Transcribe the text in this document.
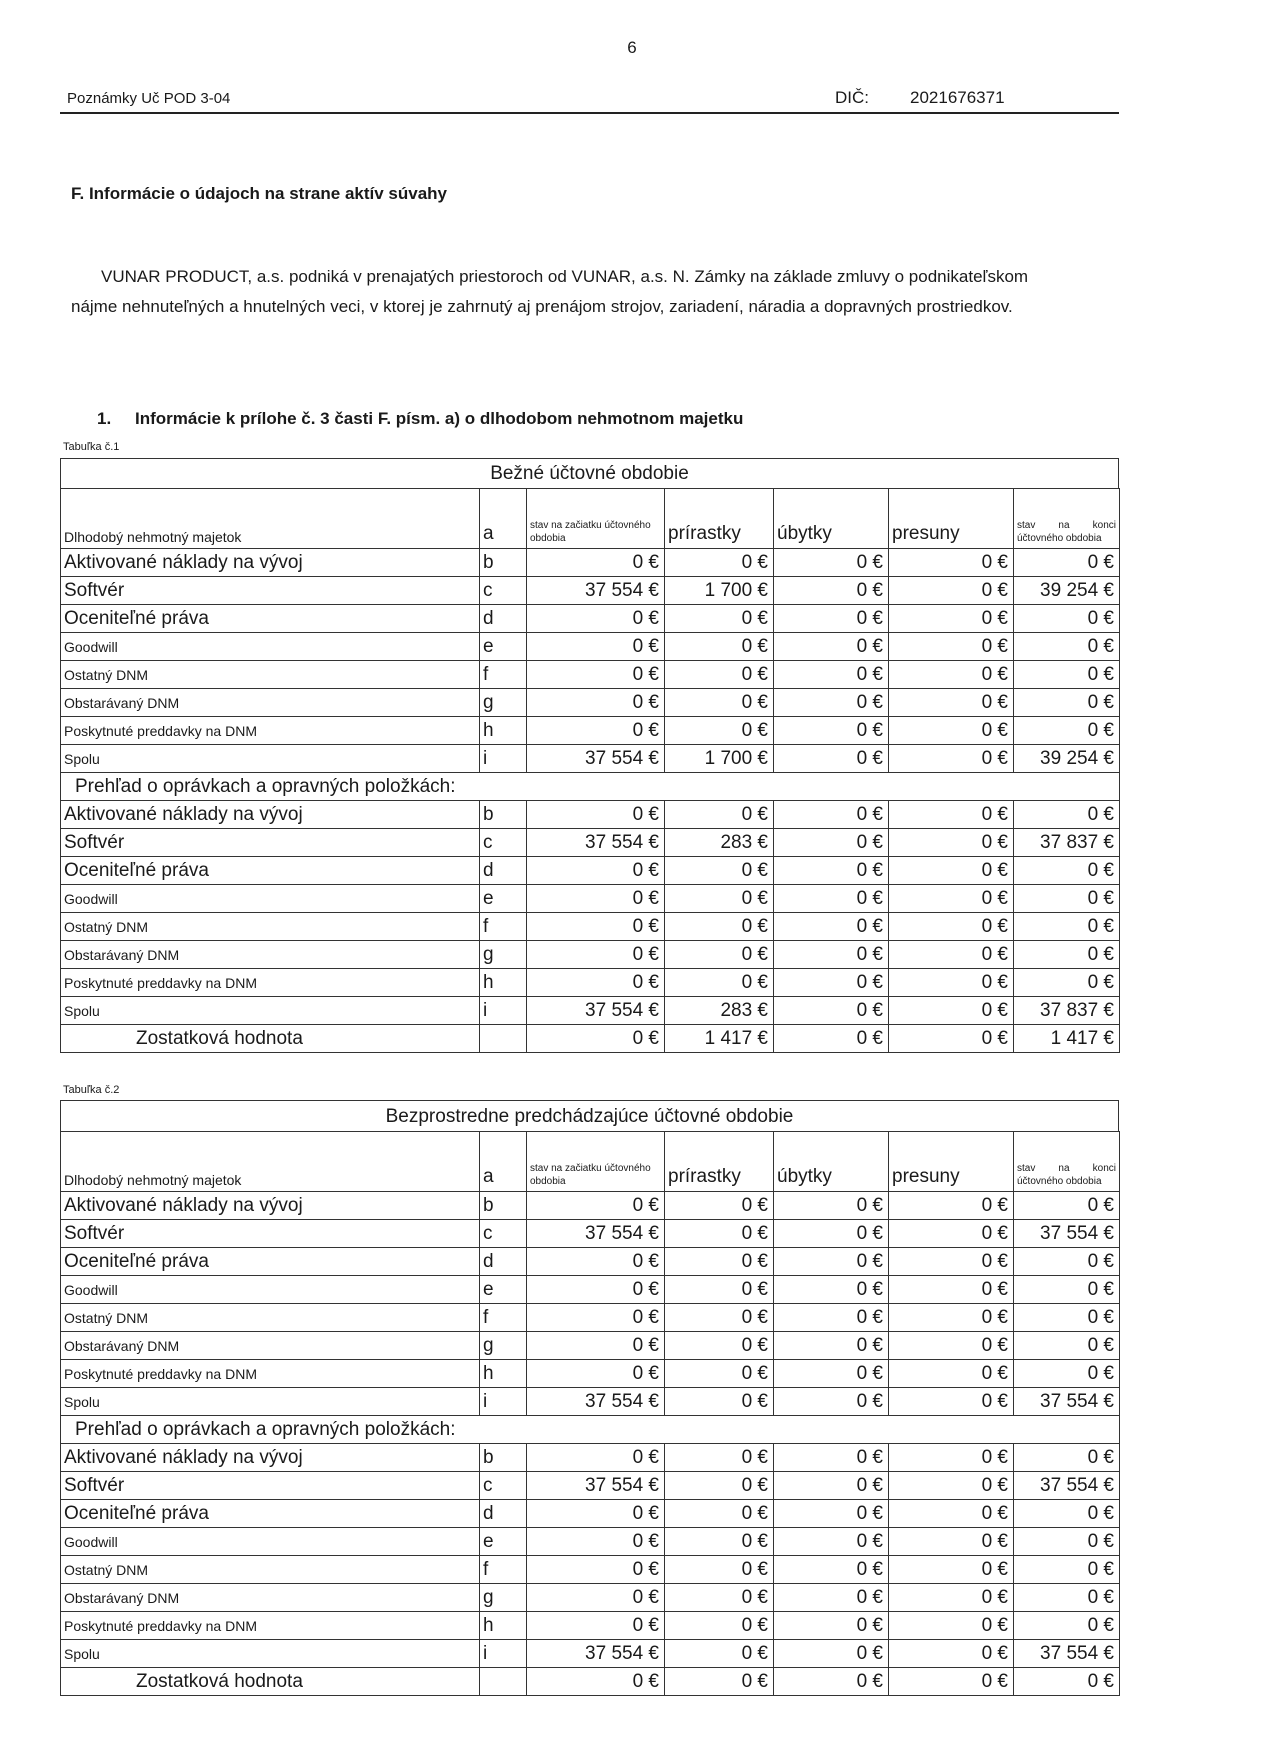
6
Poznámky Uč POD 3-04	DIČ: 2021676371
F. Informácie o údajoch na strane aktív súvahy
VUNAR PRODUCT, a.s. podniká v prenajatých priestoroch od VUNAR, a.s. N. Zámky na základe zmluvy o podnikateľskom
nájme nehnuteľných a hnutelných veci, v ktorej je zahrnutý aj prenájom strojov, zariadení, náradia a dopravných prostriedkov.
1. Informácie k prílohe č. 3 časti F. písm. a) o dlhodobom nehmotnom majetku
Tabuľka č.1
Bežné účtovné obdobie
Dlhodobý nehmotný majetok	a	stav na začiatku účtovného obdobia	prírastky	úbytky	presuny	stav na konci účtovného obdobia

Aktivované náklady na vývoj	b	0 €	0 €	0 €	0 €	0 €
Softvér	c	37 554 €	1 700 €	0 €	0 €	39 254 €
Oceniteľné práva	d	0 €	0 €	0 €	0 €	0 €
Goodwill	e	0 €	0 €	0 €	0 €	0 €
Ostatný DNM	f	0 €	0 €	0 €	0 €	0 €
Obstarávaný DNM	g	0 €	0 €	0 €	0 €	0 €
Poskytnuté preddavky na DNM	h	0 €	0 €	0 €	0 €	0 €
Spolu	i	37 554 €	1 700 €	0 €	0 €	39 254 €
Prehľad o oprávkach a opravných položkách:						
Aktivované náklady na vývoj	b	0 €	0 €	0 €	0 €	0 €
Softvér	c	37 554 €	283 €	0 €	0 €	37 837 €
Oceniteľné práva	d	0 €	0 €	0 €	0 €	0 €
Goodwill	e	0 €	0 €	0 €	0 €	0 €
Ostatný DNM	f	0 €	0 €	0 €	0 €	0 €
Obstarávaný DNM	g	0 €	0 €	0 €	0 €	0 €
Poskytnuté preddavky na DNM	h	0 €	0 €	0 €	0 €	0 €
Spolu	i	37 554 €	283 €	0 €	0 €	37 837 €
Zostatková hodnota		0 €	1 417 €	0 €	0 €	1 417 €
Tabuľka č.2
Bezprostredne predchádzajúce účtovné obdobie
Dlhodobý nehmotný majetok	a	stav na začiatku účtovného obdobia	prírastky	úbytky	presuny	stav na konci účtovného obdobia

Aktivované náklady na vývoj	b	0 €	0 €	0 €	0 €	0 €
Softvér	c	37 554 €	0 €	0 €	0 €	37 554 €
Oceniteľné práva	d	0 €	0 €	0 €	0 €	0 €
Goodwill	e	0 €	0 €	0 €	0 €	0 €
Ostatný DNM	f	0 €	0 €	0 €	0 €	0 €
Obstarávaný DNM	g	0 €	0 €	0 €	0 €	0 €
Poskytnuté preddavky na DNM	h	0 €	0 €	0 €	0 €	0 €
Spolu	i	37 554 €	0 €	0 €	0 €	37 554 €
Prehľad o oprávkach a opravných položkách:						
Aktivované náklady na vývoj	b	0 €	0 €	0 €	0 €	0 €
Softvér	c	37 554 €	0 €	0 €	0 €	37 554 €
Oceniteľné práva	d	0 €	0 €	0 €	0 €	0 €
Goodwill	e	0 €	0 €	0 €	0 €	0 €
Ostatný DNM	f	0 €	0 €	0 €	0 €	0 €
Obstarávaný DNM	g	0 €	0 €	0 €	0 €	0 €
Poskytnuté preddavky na DNM	h	0 €	0 €	0 €	0 €	0 €
Spolu	i	37 554 €	0 €	0 €	0 €	37 554 €
Zostatková hodnota		0 €	0 €	0 €	0 €	0 €
